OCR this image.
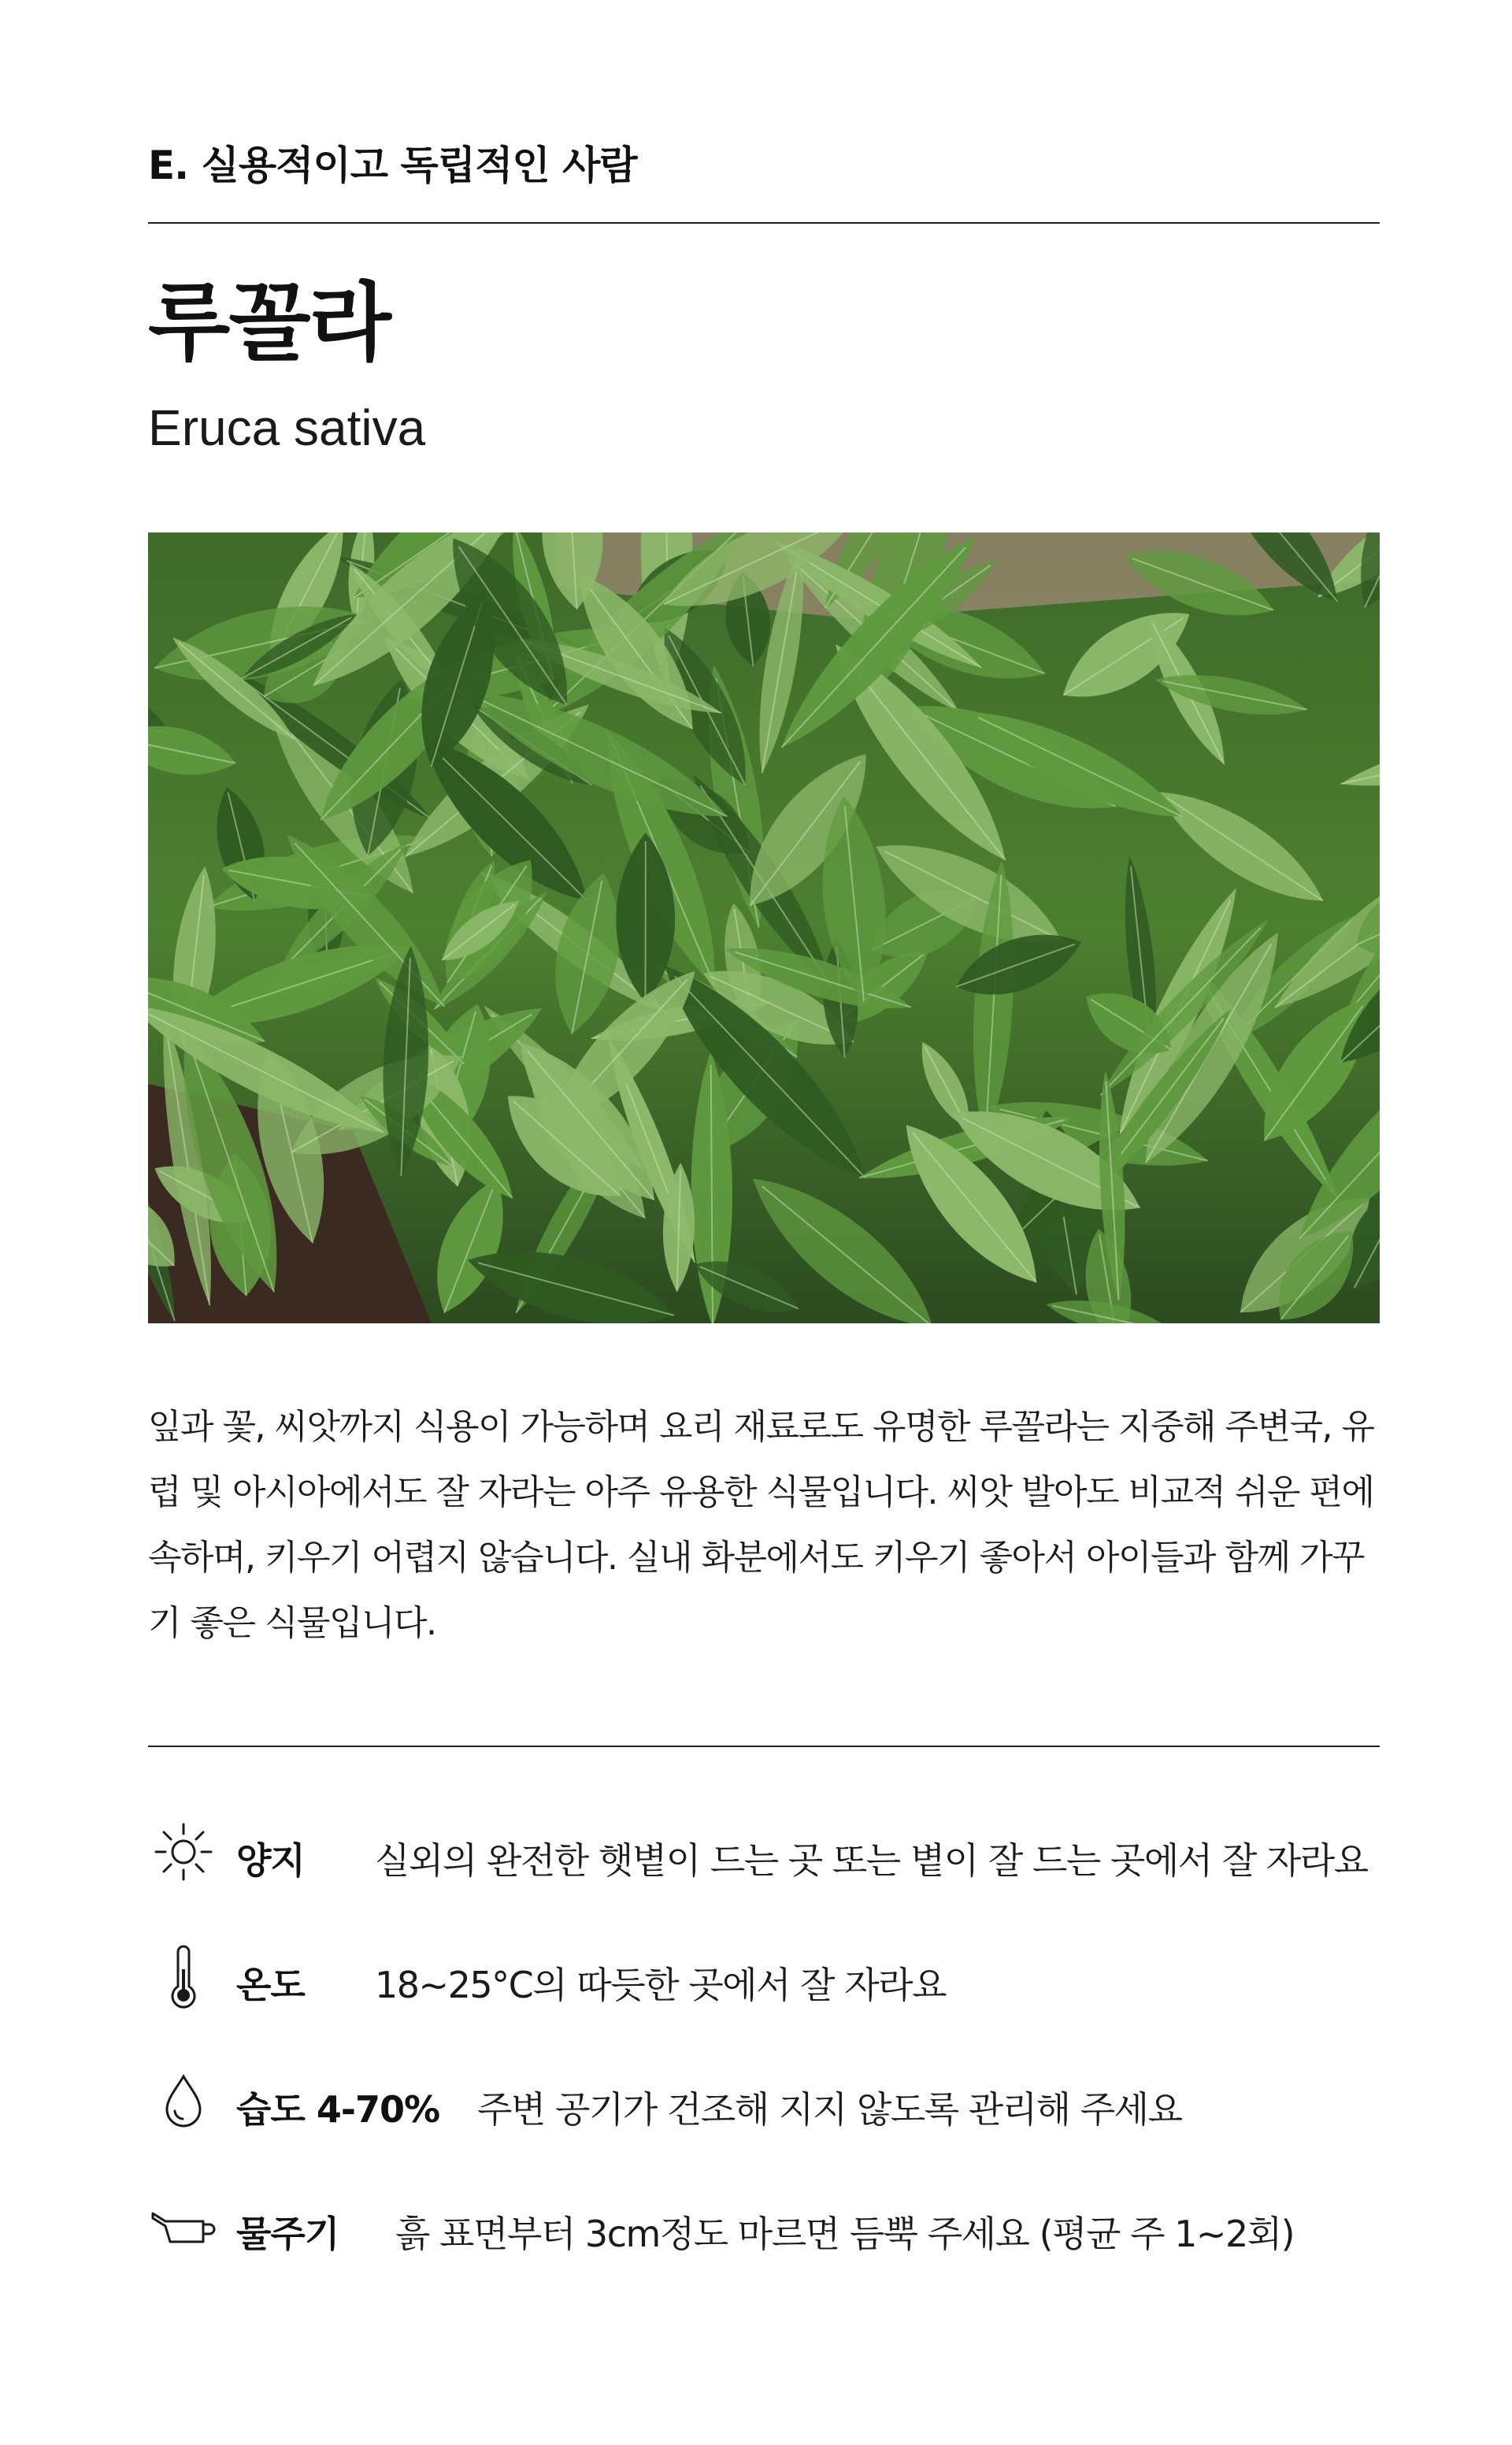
E. 실용적이고 독립적인 사람
루꼴라
Eruca sativa

잎과 꽃, 씨앗까지 식용이 가능하며 요리 재료로도 유명한 루꼴라는 지중해 주변국, 유럽 및 아시아에서도 잘 자라는 아주 유용한 식물입니다. 씨앗 발아도 비교적 쉬운 편에 속하며, 키우기 어렵지 않습니다. 실내 화분에서도 키우기 좋아서 아이들과 함께 가꾸기 좋은 식물입니다.

양지 실외의 완전한 햇볕이 드는 곳 또는 볕이 잘 드는 곳에서 잘 자라요
온도 18~25°C의 따듯한 곳에서 잘 자라요
습도 4-70% 주변 공기가 건조해 지지 않도록 관리해 주세요
물주기 흙 표면부터 3cm정도 마르면 듬뿍 주세요 (평균 주 1~2회)
